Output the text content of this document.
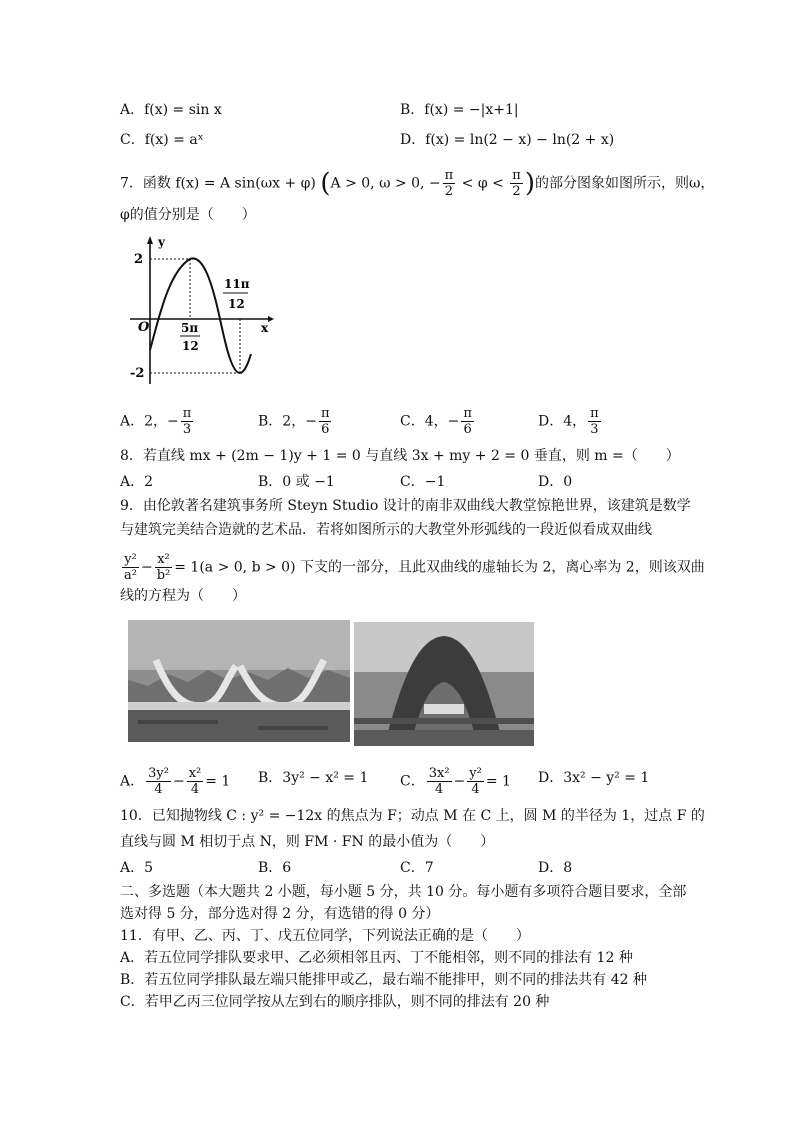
A．f(x) = sin x	B．f(x) = −|x+1|
C．f(x) = aˣ	D．f(x) = ln(2 − x) − ln(2 + x)
7．函数 f(x) = A sin(ωx + φ) (A > 0, ω > 0, − $\frac{\pi}{2} < \varphi < \frac{\pi}{2}$ )的部分图象如图所示，则ω，
φ的值分别是（　　）
y
2
-2
O	x
5π
12
11π
12
A．2，− $\frac{\pi}{3}$	B．2，− $\frac{\pi}{6}$	C．4，− $\frac{\pi}{6}$	D．4， $\frac{\pi}{3}$
8．若直线 mx + (2m − 1)y + 1 = 0 与直线 3x + my + 2 = 0 垂直，则 m =（　　）
A．2	B．0 或 −1	C．−1	D．0
9．由伦敦著名建筑事务所 Steyn Studio 设计的南非双曲线大教堂惊艳世界，该建筑是数学
与建筑完美结合造就的艺术品．若将如图所示的大教堂外形弧线的一段近似看成双曲线
$\frac{\text{y²}}{\text{a²}} - \frac{\text{x²}}{\text{b²}} = 1(a > 0$, b > 0) 下支的一部分，且此双曲线的虚轴长为 2，离心率为 2，则该双曲
线的方程为（　　）
A． $\frac{\text{3y²}}{4} - \frac{\text{x²}}{4} = 1$ B．3y² − x² = 1 C． $\frac{\text{3x²}}{4} - \frac{\text{y²}}{4} = 1$ D．3x² − y² = 1
10．已知抛物线 C : y² = −12x 的焦点为 F；动点 M 在 C 上，圆 M 的半径为 1，过点 F 的
直线与圆 M 相切于点 N，则 FM · FN 的最小值为（　　）
A．5	B．6	C．7	D．8
二、多选题（本大题共 2 小题，每小题 5 分，共 10 分。每小题有多项符合题目要求，全部
选对得 5 分，部分选对得 2 分，有选错的得 0 分）
11．有甲、乙、丙、丁、戊五位同学，下列说法正确的是（　　）
A．若五位同学排队要求甲、乙必须相邻且丙、丁不能相邻，则不同的排法有 12 种
B．若五位同学排队最左端只能排甲或乙，最右端不能排甲，则不同的排法共有 42 种
C．若甲乙丙三位同学按从左到右的顺序排队，则不同的排法有 20 种
